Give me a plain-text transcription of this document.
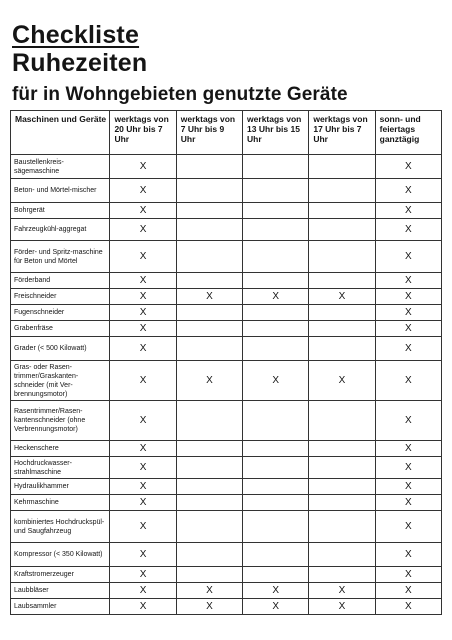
Checkliste
Ruhezeiten
für in Wohngebieten genutzte Geräte
Maschinen und Geräte	werktags von 20 Uhr bis 7 Uhr	werktags von 7 Uhr bis 9 Uhr	werktags von 13 Uhr bis 15 Uhr	werktags von 17 Uhr bis 7 Uhr	sonn- und feiertags ganztägig
Baustellenkreis-sägemaschine	X				X
Beton- und Mörtel-mischer	X				X
Bohrgerät	X				X
Fahrzeugkühl-aggregat	X				X
Förder- und Spritz-maschine für Beton und Mörtel	X				X
Förderband	X				X
Freischneider	X	X	X	X	X
Fugenschneider	X				X
Grabenfräse	X				X
Grader (< 500 Kilowatt)	X				X
Gras- oder Rasen-trimmer/Graskanten-schneider (mit Ver-brennungsmotor)	X	X	X	X	X
Rasentrimmer/Rasen-kantenschneider (ohne Verbrennungsmotor)	X				X
Heckenschere	X				X
Hochdruckwasser-strahlmaschine	X				X
Hydraulikhammer	X				X
Kehrmaschine	X				X
kombiniertes Hochdruckspül- und Saugfahrzeug	X				X
Kompressor (< 350 Kilowatt)	X				X
Kraftstromerzeuger	X				X
Laubbläser	X	X	X	X	X
Laubsammler	X	X	X	X	X
